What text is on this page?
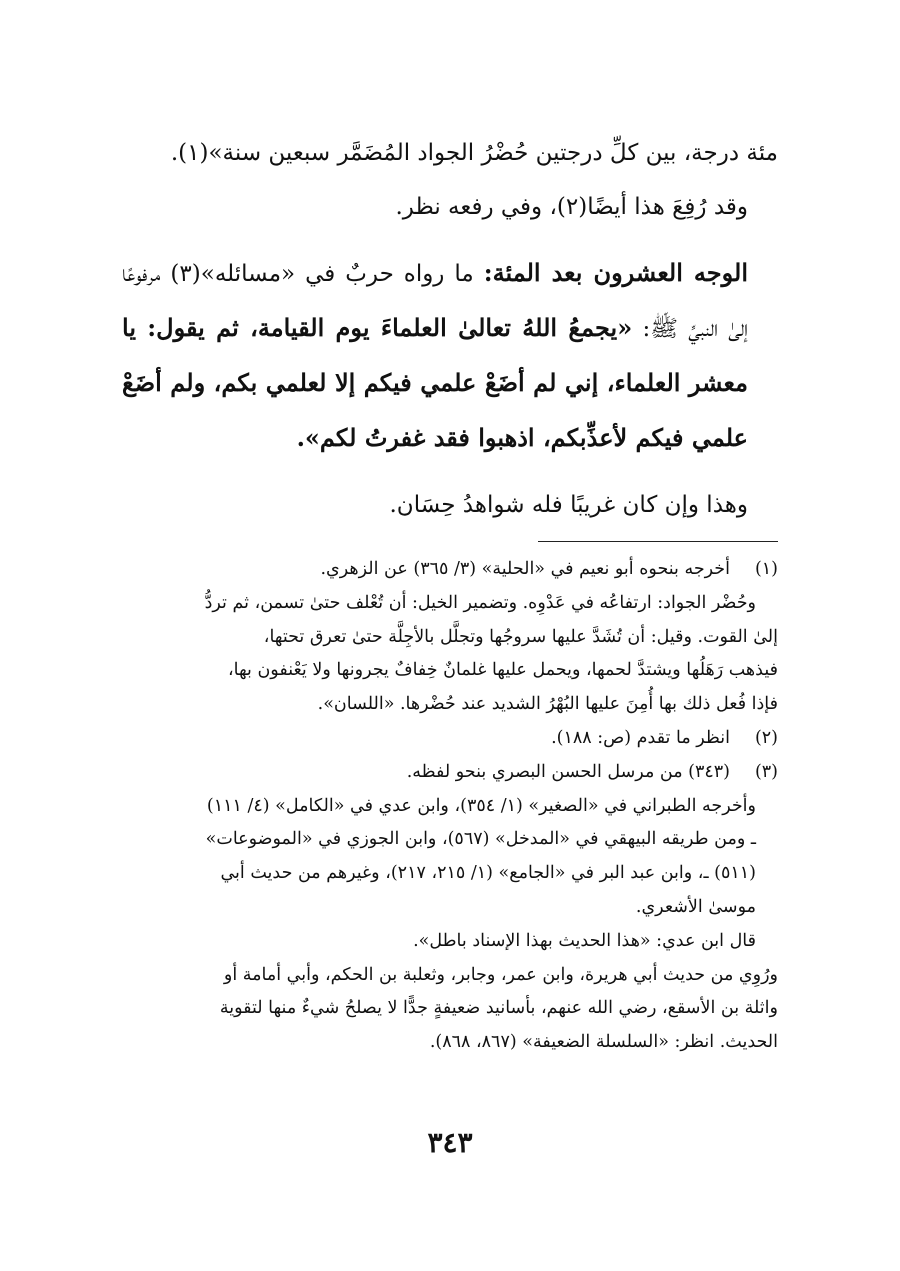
مئة درجة، بين كلِّ درجتين حُضْرُ الجواد المُضَمَّر سبعين سنة»(١).

وقد رُفِعَ هذا أيضًا(٢)، وفي رفعه نظر.

الوجه العشرون بعد المئة: ما رواه حربٌ في «مسائله»(٣) مرفوعًا إلىٰ النبيِّ ﷺ: «يجمعُ اللهُ تعالىٰ العلماءَ يوم القيامة، ثم يقول: يا معشر العلماء، إني لم أضَعْ علمي فيكم إلا لعلمي بكم، ولم أضَعْ علمي فيكم لأعذِّبكم، اذهبوا فقد غفرتُ لكم».

وهذا وإن كان غريبًا فله شواهدُ حِسَان.

(١)أخرجه بنحوه أبو نعيم في «الحلية» (٣/ ٣٦٥) عن الزهري.

وحُضْر الجواد: ارتفاعُه في عَدْوِه. وتضمير الخيل: أن تُعْلف حتىٰ تسمن، ثم تردُّ

إلىٰ القوت. وقيل: أن تُشَدَّ عليها سروجُها وتجلَّل بالأجِلَّة حتىٰ تعرق تحتها،

فيذهب رَهَلُها ويشتدَّ لحمها، ويحمل عليها غلمانٌ خِفافٌ يجرونها ولا يَعْنفون بها،

فإذا فُعل ذلك بها أُمِنَ عليها البُهْرُ الشديد عند حُضْرها. «اللسان».

(٢)انظر ما تقدم (ص: ١٨٨).

(٣)(٣٤٣) من مرسل الحسن البصري بنحو لفظه.

وأخرجه الطبراني في «الصغير» (١/ ٣٥٤)، وابن عدي في «الكامل» (٤/ ١١١)

ـ ومن طريقه البيهقي في «المدخل» (٥٦٧)، وابن الجوزي في «الموضوعات»

(٥١١) ـ، وابن عبد البر في «الجامع» (١/ ٢١٥، ٢١٧)، وغيرهم من حديث أبي

موسىٰ الأشعري.

قال ابن عدي: «هذا الحديث بهذا الإسناد باطل».

ورُوِي من حديث أبي هريرة، وابن عمر، وجابر، وثعلبة بن الحكم، وأبي أمامة أو

واثلة بن الأسقع، رضي الله عنهم، بأسانيد ضعيفةٍ جدًّا لا يصلحُ شيءٌ منها لتقوية

الحديث. انظر: «السلسلة الضعيفة» (٨٦٧، ٨٦٨).

٣٤٣
